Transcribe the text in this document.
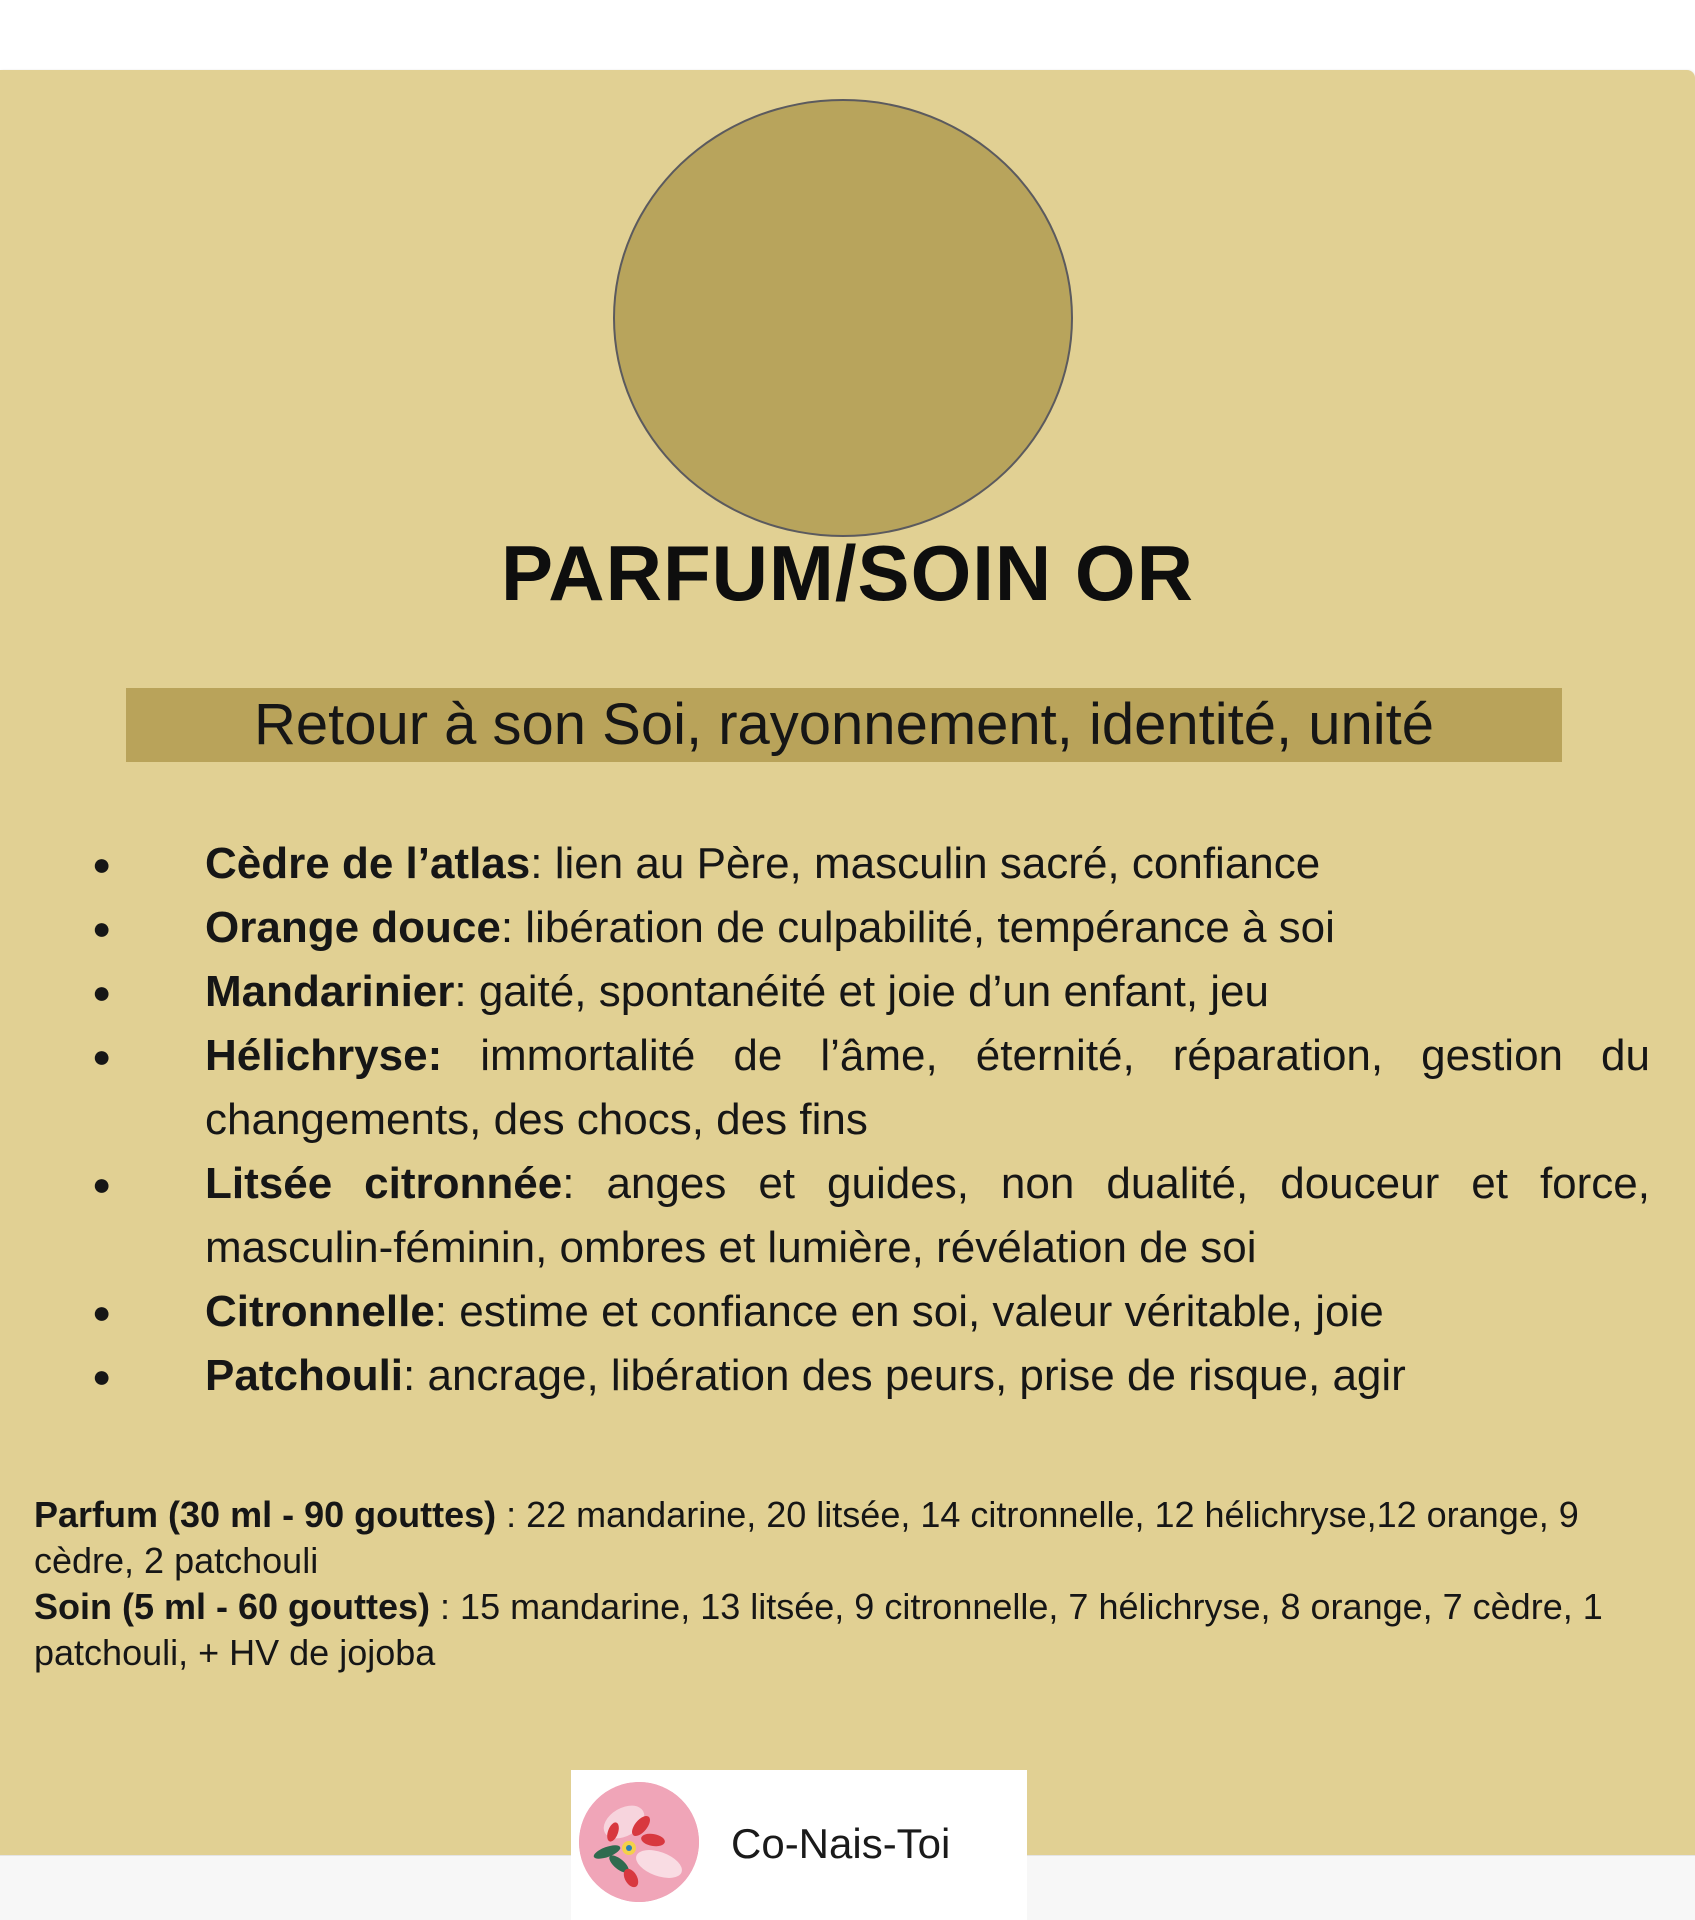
PARFUM/SOIN OR
Retour à son Soi, rayonnement, identité, unité
● Cèdre de l’atlas: lien au Père, masculin sacré, confiance
● Orange douce: libération de culpabilité, tempérance à soi
● Mandarinier: gaité, spontanéité et joie d’un enfant, jeu
● Hélichryse: immortalité de l’âme, éternité, réparation, gestion du changements, des chocs, des fins
● Litsée citronnée: anges et guides, non dualité, douceur et force, masculin-féminin, ombres et lumière, révélation de soi
● Citronnelle: estime et confiance en soi, valeur véritable, joie
● Patchouli: ancrage, libération des peurs, prise de risque, agir
Parfum (30 ml - 90 gouttes) : 22 mandarine, 20 litsée, 14 citronnelle, 12 hélichryse,12 orange, 9 cèdre, 2 patchouli
Soin (5 ml - 60 gouttes) : 15 mandarine, 13 litsée, 9 citronnelle, 7 hélichryse, 8 orange, 7 cèdre, 1 patchouli, + HV de jojoba
Co-Nais-Toi
